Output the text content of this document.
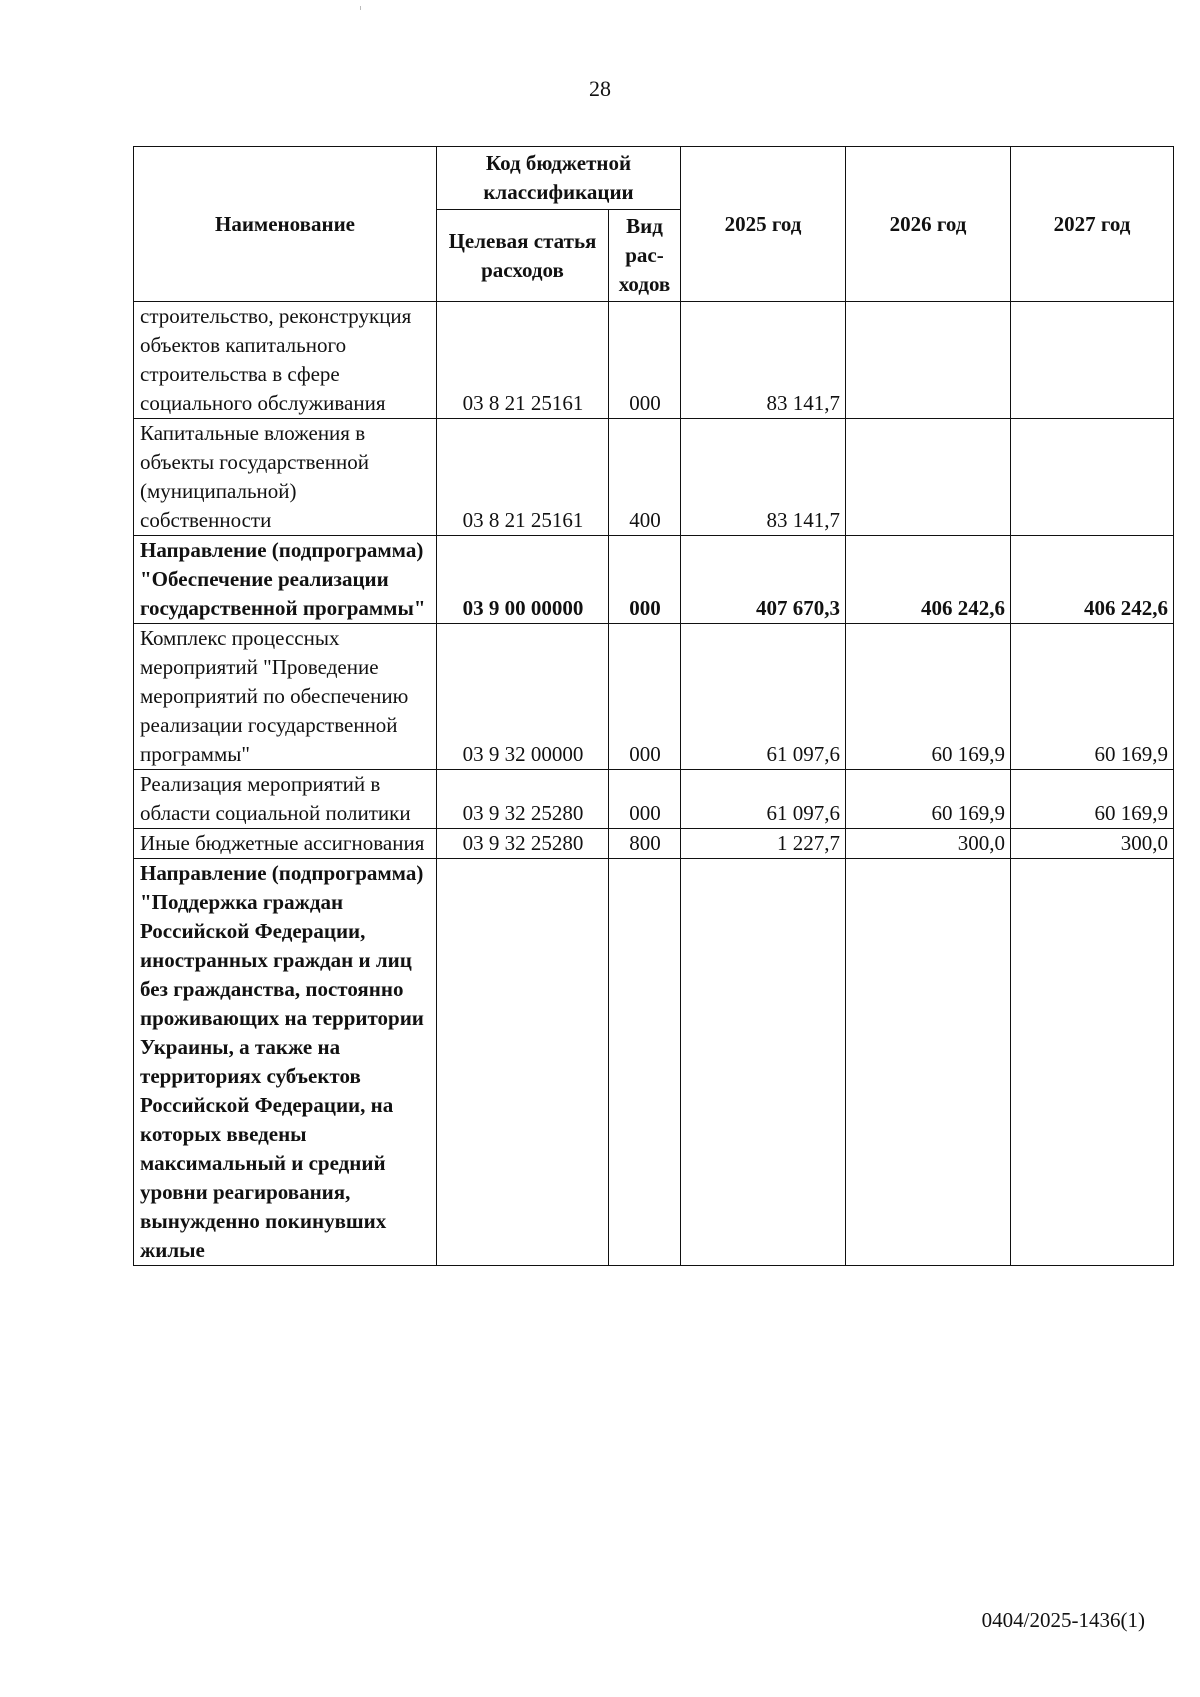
28
Наименование	Код бюджетной классификации		2025 год	2026 год	2027 год
	Целевая статья расходов	Вид рас-ходов			
строительство, реконструкция объектов капитального строительства в сфере социального обслуживания	03 8 21 25161	000	83 141,7		
Капитальные вложения в объекты государственной (муниципальной) собственности	03 8 21 25161	400	83 141,7		
Направление (подпрограмма) "Обеспечение реализации государственной программы"	03 9 00 00000	000	407 670,3	406 242,6	406 242,6
Комплекс процессных мероприятий "Проведение мероприятий по обеспечению реализации государственной программы"	03 9 32 00000	000	61 097,6	60 169,9	60 169,9
Реализация мероприятий в области социальной политики	03 9 32 25280	000	61 097,6	60 169,9	60 169,9
Иные бюджетные ассигнования	03 9 32 25280	800	1 227,7	300,0	300,0
Направление (подпрограмма) "Поддержка граждан Российской Федерации, иностранных граждан и лиц без гражданства, постоянно проживающих на территории Украины, а также на территориях субъектов Российской Федерации, на которых введены максимальный и средний уровни реагирования, вынужденно покинувших жилые					
0404/2025-1436(1)
